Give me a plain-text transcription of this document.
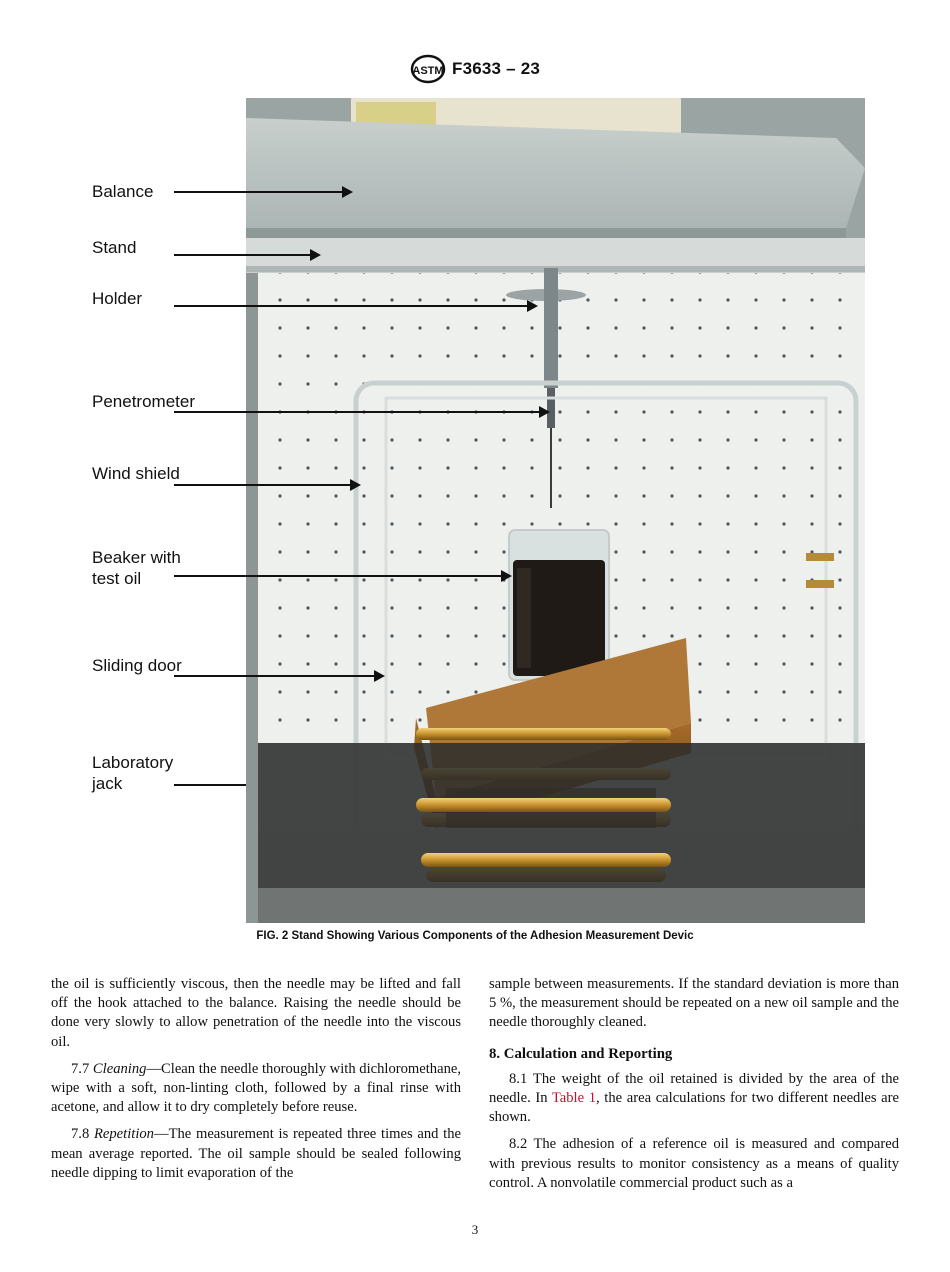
ASTM F3633 – 23
Balance
Stand
Holder
Penetrometer
Wind shield
Beaker with
test oil
Sliding door
Laboratory
jack
FIG. 2 Stand Showing Various Components of the Adhesion Measurement Devic

the oil is sufficiently viscous, then the needle may be lifted and fall off the hook attached to the balance. Raising the needle should be done very slowly to allow penetration of the needle into the viscous oil.

7.7 Cleaning—Clean the needle thoroughly with dichloromethane, wipe with a soft, non-linting cloth, followed by a final rinse with acetone, and allow it to dry completely before reuse.

7.8 Repetition—The measurement is repeated three times and the mean average reported. The oil sample should be sealed following needle dipping to limit evaporation of the

sample between measurements. If the standard deviation is more than 5 %, the measurement should be repeated on a new oil sample and the needle thoroughly cleaned.

8. Calculation and Reporting

8.1 The weight of the oil retained is divided by the area of the needle. In Table 1, the area calculations for two different needles are shown.

8.2 The adhesion of a reference oil is measured and compared with previous results to monitor consistency as a means of quality control. A nonvolatile commercial product such as a

3
